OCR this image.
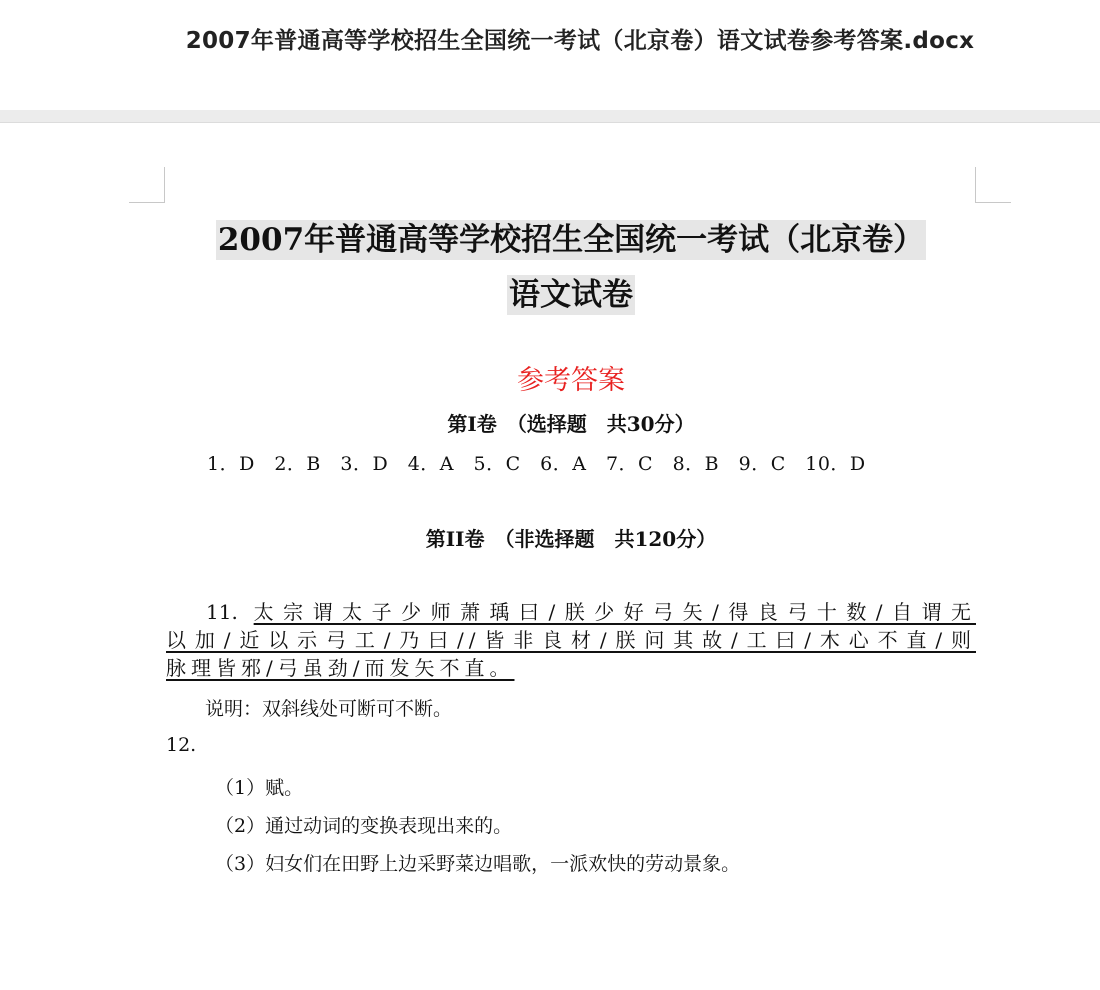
2007年普通高等学校招生全国统一考试（北京卷）语文试卷参考答案.docx
2007年普通高等学校招生全国统一考试（北京卷）
语文试卷
参考答案
第I卷　（选择题　共30分）
1．D　2．B　3．D　4．A　5．C　6．A　7．C　8．B　9．C　10．D
第II卷　（非选择题　共120分）
11. 太宗谓太子少师萧瑀曰/朕少好弓矢/得良弓十数/自谓无
以加/近以示弓工/乃曰//皆非良材/朕问其故/工曰/木心不直/则
脉理皆邪/弓虽劲/而发矢不直。
说明：双斜线处可断可不断。
12.
（1）赋。
（2）通过动词的变换表现出来的。
（3）妇女们在田野上边采野菜边唱歌，一派欢快的劳动景象。
